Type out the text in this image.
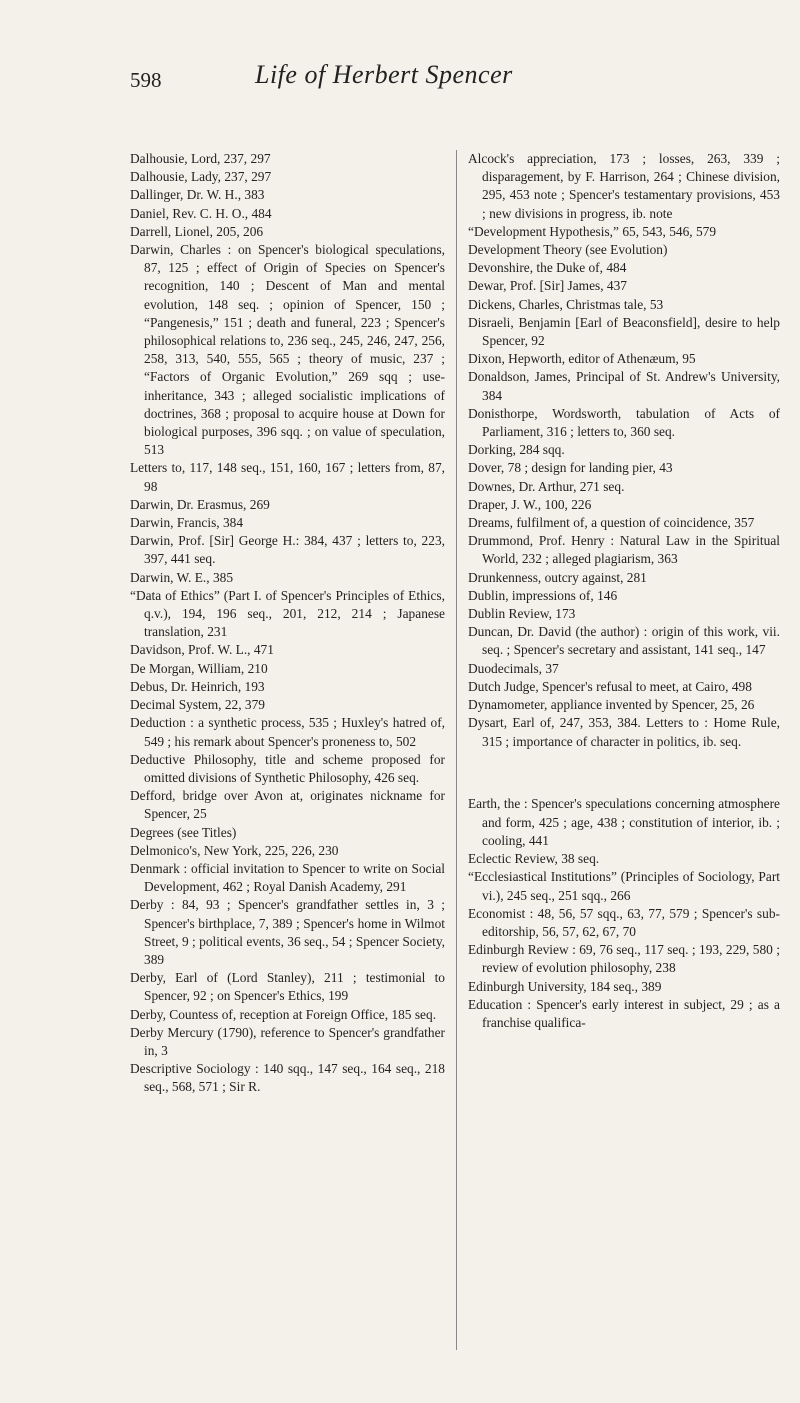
598	Life of Herbert Spencer

Dalhousie, Lord, 237, 297

Dalhousie, Lady, 237, 297

Dallinger, Dr. W. H., 383

Daniel, Rev. C. H. O., 484

Darrell, Lionel, 205, 206

Darwin, Charles : on Spencer's biological speculations, 87, 125 ; effect of Origin of Species on Spencer's recognition, 140 ; Descent of Man and mental evolution, 148 seq. ; opinion of Spencer, 150 ; “Pangenesis,” 151 ; death and funeral, 223 ; Spencer's philosophical relations to, 236 seq., 245, 246, 247, 256, 258, 313, 540, 555, 565 ; theory of music, 237 ; “Factors of Organic Evolution,” 269 sqq ; use-inheritance, 343 ; alleged socialistic implications of doctrines, 368 ; proposal to acquire house at Down for biological purposes, 396 sqq. ; on value of speculation, 513

Letters to, 117, 148 seq., 151, 160, 167 ; letters from, 87, 98

Darwin, Dr. Erasmus, 269

Darwin, Francis, 384

Darwin, Prof. [Sir] George H.: 384, 437 ; letters to, 223, 397, 441 seq.

Darwin, W. E., 385

“Data of Ethics” (Part I. of Spencer's Principles of Ethics, q.v.), 194, 196 seq., 201, 212, 214 ; Japanese translation, 231

Davidson, Prof. W. L., 471

De Morgan, William, 210

Debus, Dr. Heinrich, 193

Decimal System, 22, 379

Deduction : a synthetic process, 535 ; Huxley's hatred of, 549 ; his remark about Spencer's proneness to, 502

Deductive Philosophy, title and scheme proposed for omitted divisions of Synthetic Philosophy, 426 seq.

Defford, bridge over Avon at, originates nickname for Spencer, 25

Degrees (see Titles)

Delmonico's, New York, 225, 226, 230

Denmark : official invitation to Spencer to write on Social Development, 462 ; Royal Danish Academy, 291

Derby : 84, 93 ; Spencer's grandfather settles in, 3 ; Spencer's birthplace, 7, 389 ; Spencer's home in Wilmot Street, 9 ; political events, 36 seq., 54 ; Spencer Society, 389

Derby, Earl of (Lord Stanley), 211 ; testimonial to Spencer, 92 ; on Spencer's Ethics, 199

Derby, Countess of, reception at Foreign Office, 185 seq.

Derby Mercury (1790), reference to Spencer's grandfather in, 3

Descriptive Sociology : 140 sqq., 147 seq., 164 seq., 218 seq., 568, 571 ; Sir R.

Alcock's appreciation, 173 ; losses, 263, 339 ; disparagement, by F. Harrison, 264 ; Chinese division, 295, 453 note ; Spencer's testamentary provisions, 453 ; new divisions in progress, ib. note

“Development Hypothesis,” 65, 543, 546, 579

Development Theory (see Evolution)

Devonshire, the Duke of, 484

Dewar, Prof. [Sir] James, 437

Dickens, Charles, Christmas tale, 53

Disraeli, Benjamin [Earl of Beaconsfield], desire to help Spencer, 92

Dixon, Hepworth, editor of Athenæum, 95

Donaldson, James, Principal of St. Andrew's University, 384

Donisthorpe, Wordsworth, tabulation of Acts of Parliament, 316 ; letters to, 360 seq.

Dorking, 284 sqq.

Dover, 78 ; design for landing pier, 43

Downes, Dr. Arthur, 271 seq.

Draper, J. W., 100, 226

Dreams, fulfilment of, a question of coincidence, 357

Drummond, Prof. Henry : Natural Law in the Spiritual World, 232 ; alleged plagiarism, 363

Drunkenness, outcry against, 281

Dublin, impressions of, 146

Dublin Review, 173

Duncan, Dr. David (the author) : origin of this work, vii. seq. ; Spencer's secretary and assistant, 141 seq., 147

Duodecimals, 37

Dutch Judge, Spencer's refusal to meet, at Cairo, 498

Dynamometer, appliance invented by Spencer, 25, 26

Dysart, Earl of, 247, 353, 384. Letters to : Home Rule, 315 ; importance of character in politics, ib. seq.

Earth, the : Spencer's speculations concerning atmosphere and form, 425 ; age, 438 ; constitution of interior, ib. ; cooling, 441

Eclectic Review, 38 seq.

“Ecclesiastical Institutions” (Principles of Sociology, Part vi.), 245 seq., 251 sqq., 266

Economist : 48, 56, 57 sqq., 63, 77, 579 ; Spencer's sub-editorship, 56, 57, 62, 67, 70

Edinburgh Review : 69, 76 seq., 117 seq. ; 193, 229, 580 ; review of evolution philosophy, 238

Edinburgh University, 184 seq., 389

Education : Spencer's early interest in subject, 29 ; as a franchise qualifica-
